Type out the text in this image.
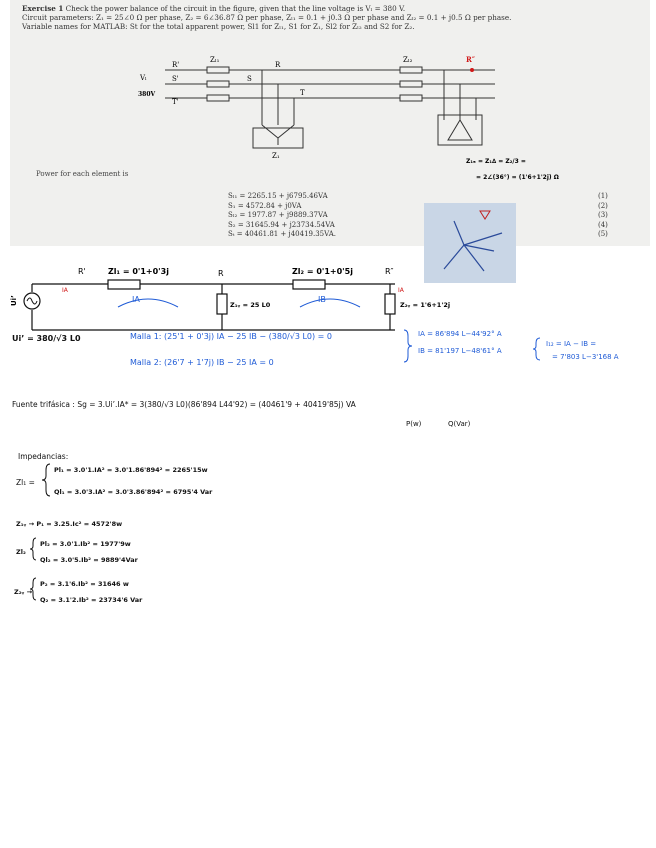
Exercise 1 Check the power balance of the circuit in the figure, given that the line voltage is Vₗ = 380 V.
Circuit parameters: Z₁ = 25∠0 Ω per phase, Z₂ = 6∠36.87 Ω per phase, Zₗ₁ = 0.1 + j0.3 Ω per phase and Zₗ₂ = 0.1 + j0.5 Ω per phase.
Variable names for MATLAB: St for the total apparent power, Sl1 for Zₗ₁, S1 for Z₁, Sl2 for Zₗ₂ and S2 for Z₂.
Zₗ₁	Zₗ₂
R'
S'
T'
R
S
T
Vₗ
380V
Z₁
R″
Z₁ₔ = Z₁∆ = Z₂/3 =
= 2∠(36°) = (1'6+1'2j) Ω
Power for each element is
Sₗ₁ = 2265.15 + j6795.46VA
S₁ = 4572.84 + j0VA
Sₗ₂ = 1977.87 + j9889.37VA
S₂ = 31645.94 + j23734.54VA
Sₜ = 40461.81 + j40419.35VA.
(1)
(2)
(3)
(4)
(5)
R'	Zl₁ = 0'1+0'3j	R	Zl₂ = 0'1+0'5j	R″
IA	IA
IA	IB
Z₁ᵧ = 25 L0	Z₂ᵧ = 1'6+1'2j
Ui’
Ui’ = 380/√3 L0	Malla 1: (25'1 + 0'3j) IA − 25 IB − (380/√3 L0) = 0
Malla 2: (26'7 + 1'7j) IB − 25 IA = 0
IA = 86'894 L−44'92° A
IB = 81'197 L−48'61° A
I₁₂ = IA − IB =
= 7'803 L−3'168 A
Fuente trifásica : Sg = 3.Ui’.IA* = 3(380/√3 L0)(86'894 L44'92) = (40461'9 + 40419'85j) VA
P(w)	Q(Var)
Impedancias:
Zl₁ =
Pl₁ = 3.0'1.IA² = 3.0'1.86'894² = 2265'15w
Ql₁ = 3.0'3.IA² = 3.0'3.86'894² = 6795'4 Var
Z₁ᵧ → P₁ = 3.25.Ic² = 4572'8w
Zl₂
Pl₂ = 3.0'1.Ib² = 1977'9w
Ql₂ = 3.0'5.Ib² = 9889'4Var
Z₂ᵧ →
P₂ = 3.1'6.Ib² = 31646 w
Q₂ = 3.1'2.Ib² = 23734'6 Var
